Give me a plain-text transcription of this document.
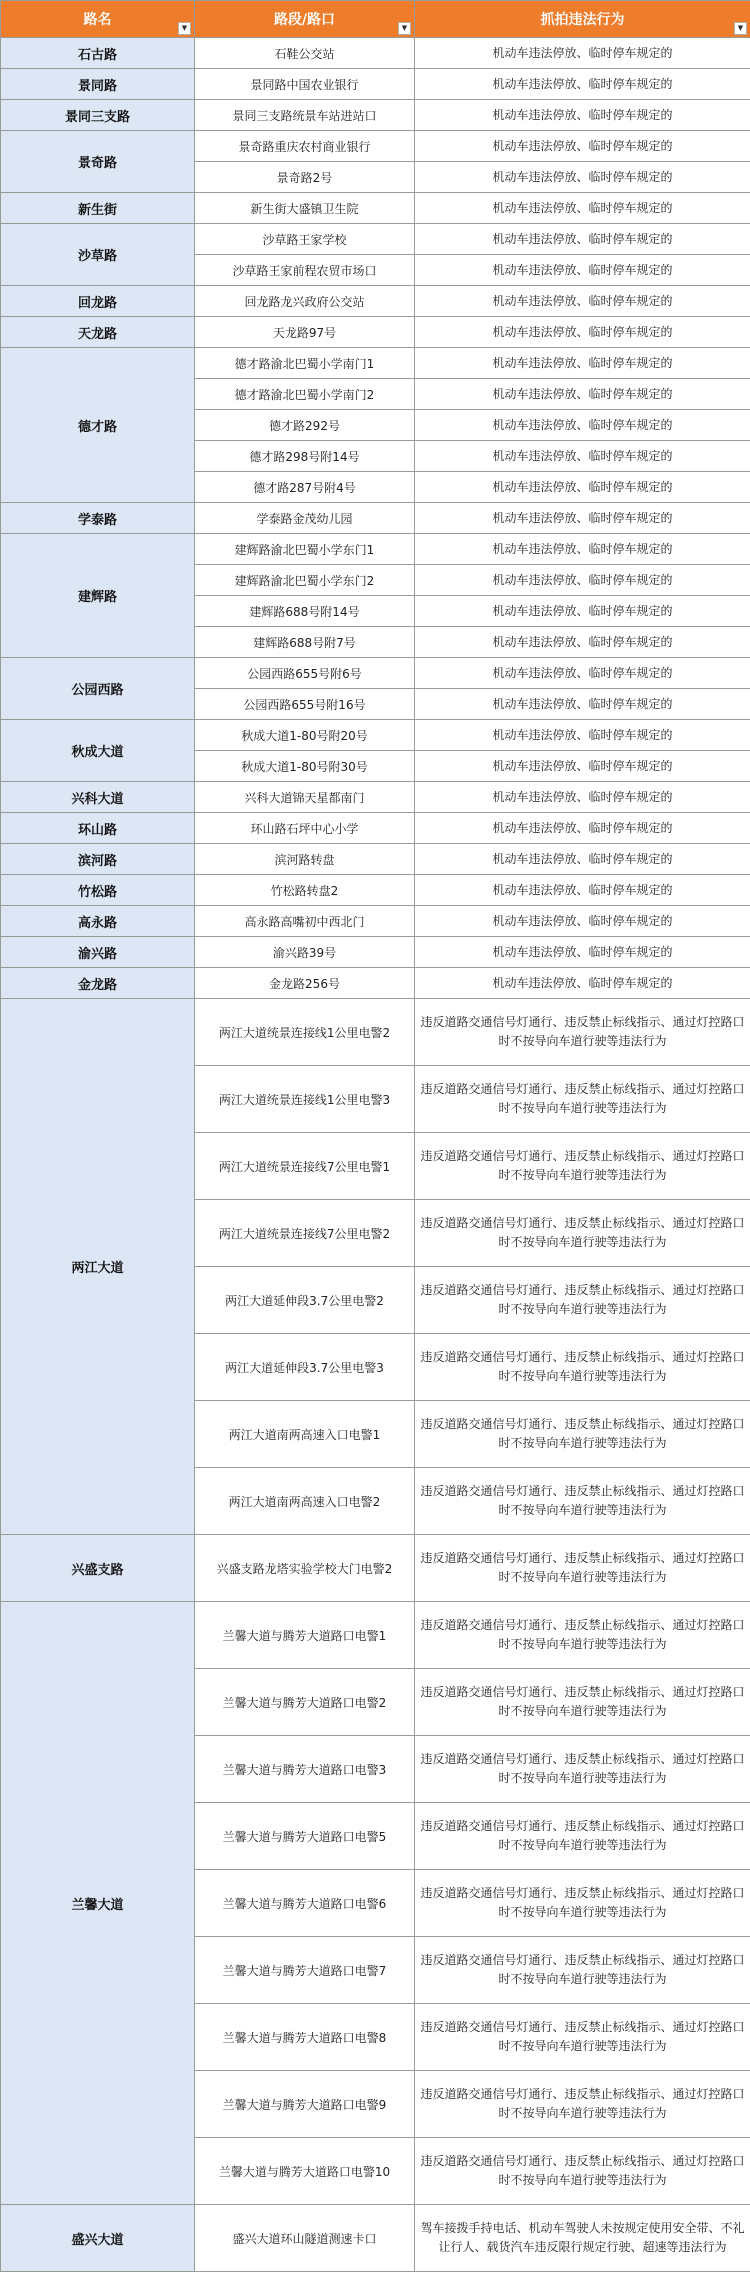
路名 ▼	路段/路口 ▼	抓拍违法行为 ▼

石古路	石鞋公交站	机动车违法停放、临时停车规定的
景同路	景同路中国农业银行	机动车违法停放、临时停车规定的
景同三支路	景同三支路统景车站进站口	机动车违法停放、临时停车规定的
景奇路	景奇路重庆农村商业银行	机动车违法停放、临时停车规定的
	景奇路2号	机动车违法停放、临时停车规定的
新生街	新生街大盛镇卫生院	机动车违法停放、临时停车规定的
沙草路	沙草路王家学校	机动车违法停放、临时停车规定的
	沙草路王家前程农贸市场口	机动车违法停放、临时停车规定的
回龙路	回龙路龙兴政府公交站	机动车违法停放、临时停车规定的
天龙路	天龙路97号	机动车违法停放、临时停车规定的
德才路	德才路渝北巴蜀小学南门1	机动车违法停放、临时停车规定的
	德才路渝北巴蜀小学南门2	机动车违法停放、临时停车规定的
	德才路292号	机动车违法停放、临时停车规定的
	德才路298号附14号	机动车违法停放、临时停车规定的
	德才路287号附4号	机动车违法停放、临时停车规定的
学泰路	学泰路金茂幼儿园	机动车违法停放、临时停车规定的
建辉路	建辉路渝北巴蜀小学东门1	机动车违法停放、临时停车规定的
	建辉路渝北巴蜀小学东门2	机动车违法停放、临时停车规定的
	建辉路688号附14号	机动车违法停放、临时停车规定的
	建辉路688号附7号	机动车违法停放、临时停车规定的
公园西路	公园西路655号附6号	机动车违法停放、临时停车规定的
	公园西路655号附16号	机动车违法停放、临时停车规定的
秋成大道	秋成大道1-80号附20号	机动车违法停放、临时停车规定的
	秋成大道1-80号附30号	机动车违法停放、临时停车规定的
兴科大道	兴科大道锦天星都南门	机动车违法停放、临时停车规定的
环山路	环山路石坪中心小学	机动车违法停放、临时停车规定的
滨河路	滨河路转盘	机动车违法停放、临时停车规定的
竹松路	竹松路转盘2	机动车违法停放、临时停车规定的
高永路	高永路高嘴初中西北门	机动车违法停放、临时停车规定的
渝兴路	渝兴路39号	机动车违法停放、临时停车规定的
金龙路	金龙路256号	机动车违法停放、临时停车规定的
两江大道	两江大道统景连接线1公里电警2	违反道路交通信号灯通行、违反禁止标线指示、通过灯控路口时不按导向车道行驶等违法行为
	两江大道统景连接线1公里电警3	违反道路交通信号灯通行、违反禁止标线指示、通过灯控路口时不按导向车道行驶等违法行为
	两江大道统景连接线7公里电警1	违反道路交通信号灯通行、违反禁止标线指示、通过灯控路口时不按导向车道行驶等违法行为
	两江大道统景连接线7公里电警2	违反道路交通信号灯通行、违反禁止标线指示、通过灯控路口时不按导向车道行驶等违法行为
	两江大道延伸段3.7公里电警2	违反道路交通信号灯通行、违反禁止标线指示、通过灯控路口时不按导向车道行驶等违法行为
	两江大道延伸段3.7公里电警3	违反道路交通信号灯通行、违反禁止标线指示、通过灯控路口时不按导向车道行驶等违法行为
	两江大道南两高速入口电警1	违反道路交通信号灯通行、违反禁止标线指示、通过灯控路口时不按导向车道行驶等违法行为
	两江大道南两高速入口电警2	违反道路交通信号灯通行、违反禁止标线指示、通过灯控路口时不按导向车道行驶等违法行为
兴盛支路	兴盛支路龙塔实验学校大门电警2	违反道路交通信号灯通行、违反禁止标线指示、通过灯控路口时不按导向车道行驶等违法行为
兰馨大道	兰馨大道与腾芳大道路口电警1	违反道路交通信号灯通行、违反禁止标线指示、通过灯控路口时不按导向车道行驶等违法行为
	兰馨大道与腾芳大道路口电警2	违反道路交通信号灯通行、违反禁止标线指示、通过灯控路口时不按导向车道行驶等违法行为
	兰馨大道与腾芳大道路口电警3	违反道路交通信号灯通行、违反禁止标线指示、通过灯控路口时不按导向车道行驶等违法行为
	兰馨大道与腾芳大道路口电警5	违反道路交通信号灯通行、违反禁止标线指示、通过灯控路口时不按导向车道行驶等违法行为
	兰馨大道与腾芳大道路口电警6	违反道路交通信号灯通行、违反禁止标线指示、通过灯控路口时不按导向车道行驶等违法行为
	兰馨大道与腾芳大道路口电警7	违反道路交通信号灯通行、违反禁止标线指示、通过灯控路口时不按导向车道行驶等违法行为
	兰馨大道与腾芳大道路口电警8	违反道路交通信号灯通行、违反禁止标线指示、通过灯控路口时不按导向车道行驶等违法行为
	兰馨大道与腾芳大道路口电警9	违反道路交通信号灯通行、违反禁止标线指示、通过灯控路口时不按导向车道行驶等违法行为
	兰馨大道与腾芳大道路口电警10	违反道路交通信号灯通行、违反禁止标线指示、通过灯控路口时不按导向车道行驶等违法行为
盛兴大道	盛兴大道环山隧道测速卡口	驾车接拨手持电话、机动车驾驶人未按规定使用安全带、不礼让行人、载货汽车违反限行规定行驶、超速等违法行为
